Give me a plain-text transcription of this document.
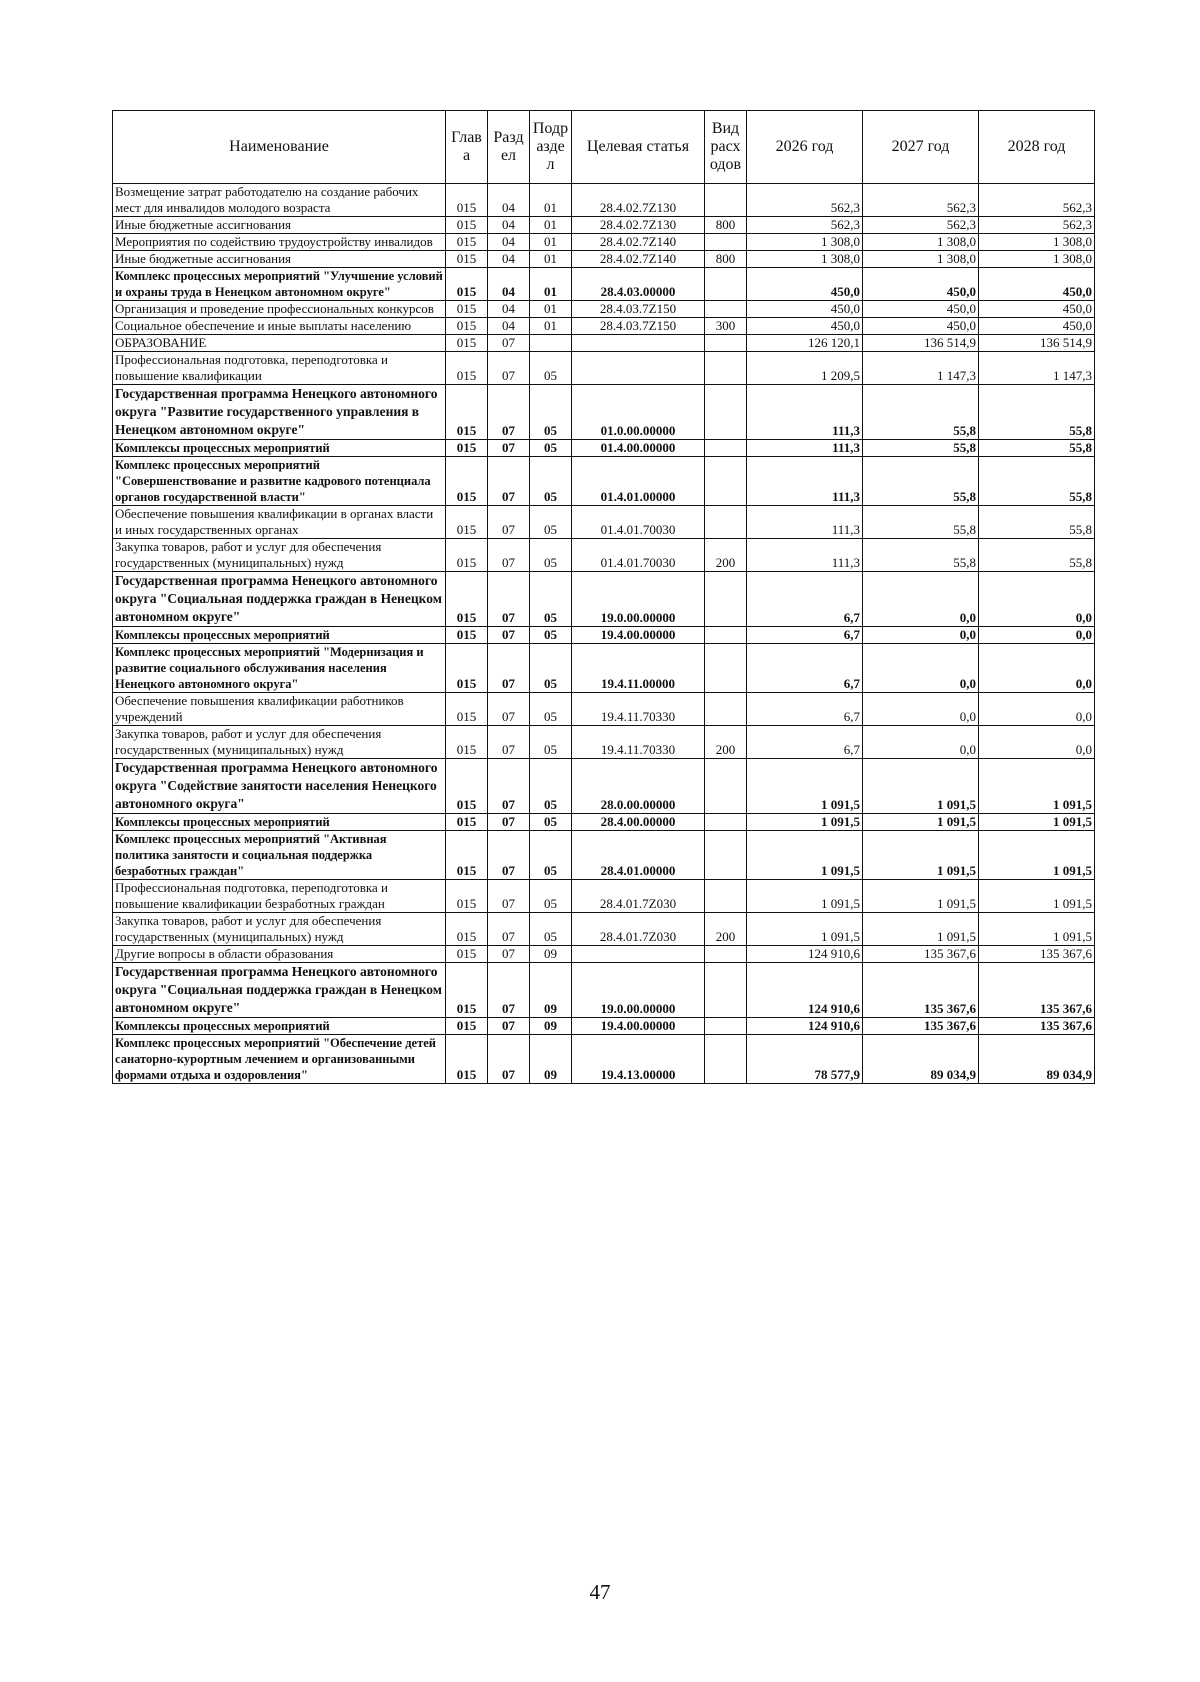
Наименование	Глав а	Разд ел	Подр азде л	Целевая статья	Вид расх одов	2026 год	2027 год	2028 год
Возмещение затрат работодателю на создание рабочих мест для инвалидов молодого возраста	015	04	01	28.4.02.7Z130		562,3	562,3	562,3
Иные бюджетные ассигнования	015	04	01	28.4.02.7Z130	800	562,3	562,3	562,3
Мероприятия по содействию трудоустройству инвалидов	015	04	01	28.4.02.7Z140		1 308,0	1 308,0	1 308,0
Иные бюджетные ассигнования	015	04	01	28.4.02.7Z140	800	1 308,0	1 308,0	1 308,0
Комплекс процессных мероприятий "Улучшение условий и охраны труда в Ненецком автономном округе"	015	04	01	28.4.03.00000		450,0	450,0	450,0
Организация и проведение профессиональных конкурсов	015	04	01	28.4.03.7Z150		450,0	450,0	450,0
Социальное обеспечение и иные выплаты населению	015	04	01	28.4.03.7Z150	300	450,0	450,0	450,0
ОБРАЗОВАНИЕ	015	07				126 120,1	136 514,9	136 514,9
Профессиональная подготовка, переподготовка и повышение квалификации	015	07	05			1 209,5	1 147,3	1 147,3
Государственная программа Ненецкого автономного округа "Развитие государственного управления в Ненецком автономном округе"	015	07	05	01.0.00.00000		111,3	55,8	55,8
Комплексы процессных мероприятий	015	07	05	01.4.00.00000		111,3	55,8	55,8
Комплекс процессных мероприятий "Совершенствование и развитие кадрового потенциала органов государственной власти"	015	07	05	01.4.01.00000		111,3	55,8	55,8
Обеспечение повышения квалификации в органах власти и иных государственных органах	015	07	05	01.4.01.70030		111,3	55,8	55,8
Закупка товаров, работ и услуг для обеспечения государственных (муниципальных) нужд	015	07	05	01.4.01.70030	200	111,3	55,8	55,8
Государственная программа Ненецкого автономного округа "Социальная поддержка граждан в Ненецком автономном округе"	015	07	05	19.0.00.00000		6,7	0,0	0,0
Комплексы процессных мероприятий	015	07	05	19.4.00.00000		6,7	0,0	0,0
Комплекс процессных мероприятий "Модернизация и развитие социального обслуживания населения Ненецкого автономного округа"	015	07	05	19.4.11.00000		6,7	0,0	0,0
Обеспечение повышения квалификации работников учреждений	015	07	05	19.4.11.70330		6,7	0,0	0,0
Закупка товаров, работ и услуг для обеспечения государственных (муниципальных) нужд	015	07	05	19.4.11.70330	200	6,7	0,0	0,0
Государственная программа Ненецкого автономного округа "Содействие занятости населения Ненецкого автономного округа"	015	07	05	28.0.00.00000		1 091,5	1 091,5	1 091,5
Комплексы процессных мероприятий	015	07	05	28.4.00.00000		1 091,5	1 091,5	1 091,5
Комплекс процессных мероприятий "Активная политика занятости и социальная поддержка безработных граждан"	015	07	05	28.4.01.00000		1 091,5	1 091,5	1 091,5
Профессиональная подготовка, переподготовка и повышение квалификации безработных граждан	015	07	05	28.4.01.7Z030		1 091,5	1 091,5	1 091,5
Закупка товаров, работ и услуг для обеспечения государственных (муниципальных) нужд	015	07	05	28.4.01.7Z030	200	1 091,5	1 091,5	1 091,5
Другие вопросы в области образования	015	07	09			124 910,6	135 367,6	135 367,6
Государственная программа Ненецкого автономного округа "Социальная поддержка граждан в Ненецком автономном округе"	015	07	09	19.0.00.00000		124 910,6	135 367,6	135 367,6
Комплексы процессных мероприятий	015	07	09	19.4.00.00000		124 910,6	135 367,6	135 367,6
Комплекс процессных мероприятий "Обеспечение детей санаторно-курортным лечением и организованными формами отдыха и оздоровления"	015	07	09	19.4.13.00000		78 577,9	89 034,9	89 034,9
47
